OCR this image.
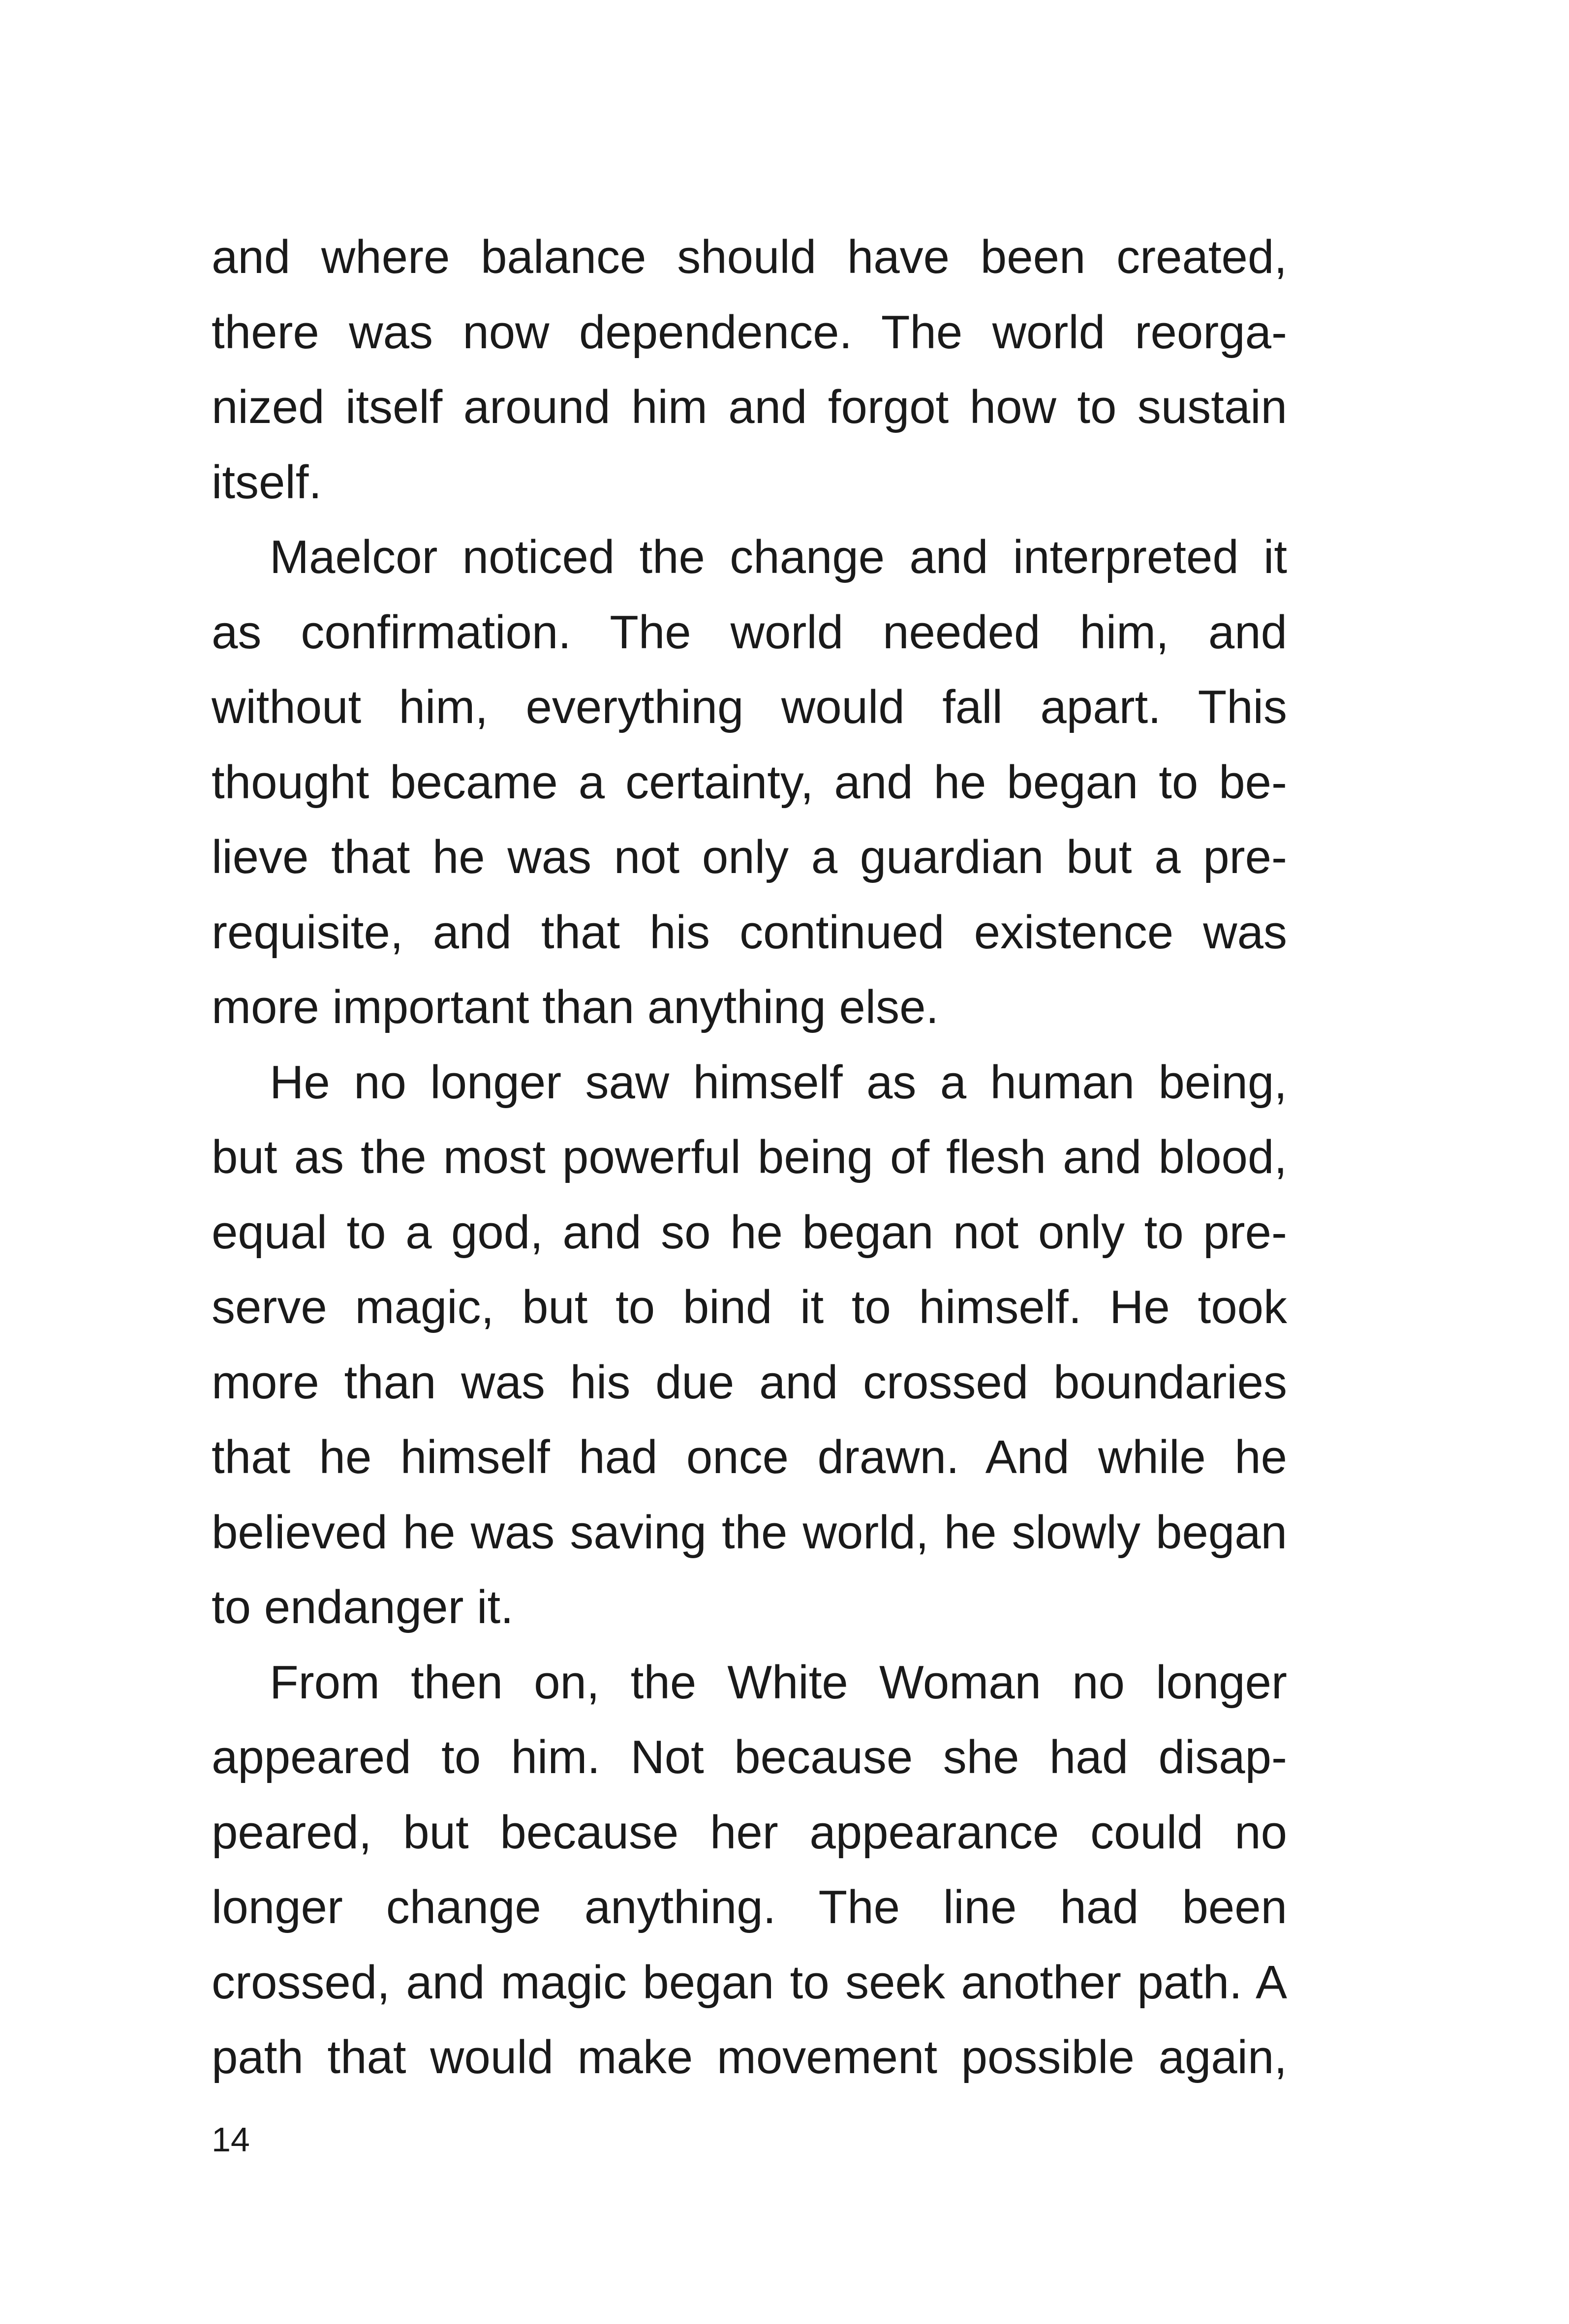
and where balance should have been created,
there was now dependence. The world reorga-
nized itself around him and forgot how to sustain
itself.
Maelcor noticed the change and interpreted it
as confirmation. The world needed him, and
without him, everything would fall apart. This
thought became a certainty, and he began to be-
lieve that he was not only a guardian but a pre-
requisite, and that his continued existence was
more important than anything else.
He no longer saw himself as a human being,
but as the most powerful being of flesh and blood,
equal to a god, and so he began not only to pre-
serve magic, but to bind it to himself. He took
more than was his due and crossed boundaries
that he himself had once drawn. And while he
believed he was saving the world, he slowly began
to endanger it.
From then on, the White Woman no longer
appeared to him. Not because she had disap-
peared, but because her appearance could no
longer change anything. The line had been
crossed, and magic began to seek another path. A
path that would make movement possible again,
14
